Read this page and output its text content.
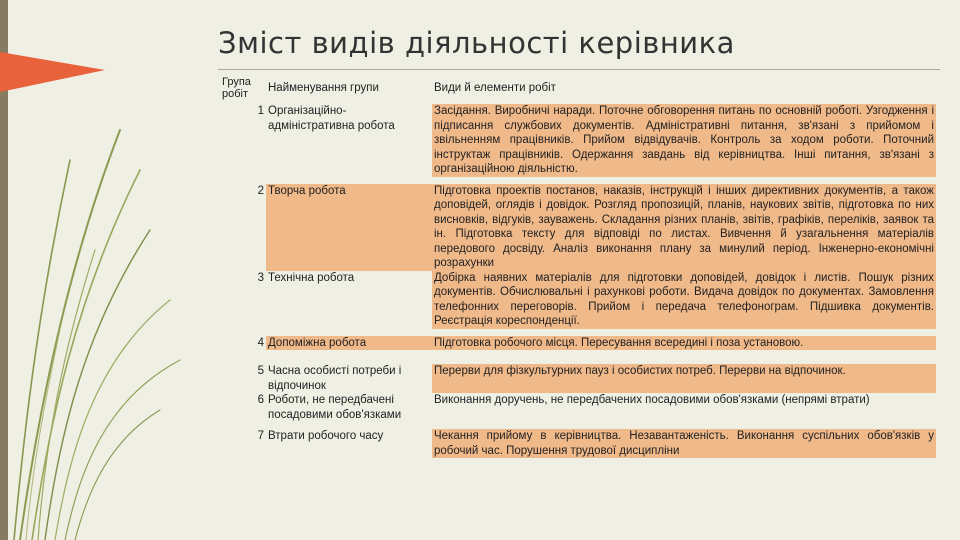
Зміст видів діяльності керівника
Група робіт	Найменування групи	Види й елементи робіт
1	Організаційно-адміністративна робота	Засідання. Виробничі наради. Поточне обговорення питань по основній роботі. Узгодження і підписання службових документів. Адміністративні питання, зв'язані з прийомом і звільненням працівників. Прийом відвідувачів. Контроль за ходом роботи. Поточний інструктаж працівників. Одержання завдань від керівництва. Інші питання, зв'язані з організаційною діяльністю.

2	Творча робота	Підготовка проектів постанов, наказів, інструкцій і інших директивних документів, а також доповідей, оглядів і довідок. Розгляд пропозицій, планів, наукових звітів, підготовка по них висновків, відгуків, зауважень. Складання різних планів, звітів, графіків, переліків, заявок та ін. Підготовка тексту для відповіді по листах. Вивчення й узагальнення матеріалів передового досвіду. Аналіз виконання плану за минулий період. Інженерно-економічні розрахунки
3	Технічна робота	Добірка наявних матеріалів для підготовки доповідей, довідок і листів. Пошук різних документів. Обчислювальні і рахункові роботи. Видача довідок по документах. Замовлення телефонних переговорів. Прийом і передача телефонограм. Підшивка документів. Реєстрація кореспонденції.

4	Допоміжна робота	Підготовка робочого місця. Пересування всередині і поза установою.

5	Часна особисті потреби і відпочинок	Перерви для фізкультурних пауз і особистих потреб. Перерви на відпочинок.
6	Роботи, не передбачені посадовими обов'язками	Виконання доручень, не передбачених посадовими обов'язками (непрямі втрати)

7	Втрати робочого часу	Чекання прийому в керівництва. Незавантаженість. Виконання суспільних обов'язків у робочий час. Порушення трудової дисципліни
